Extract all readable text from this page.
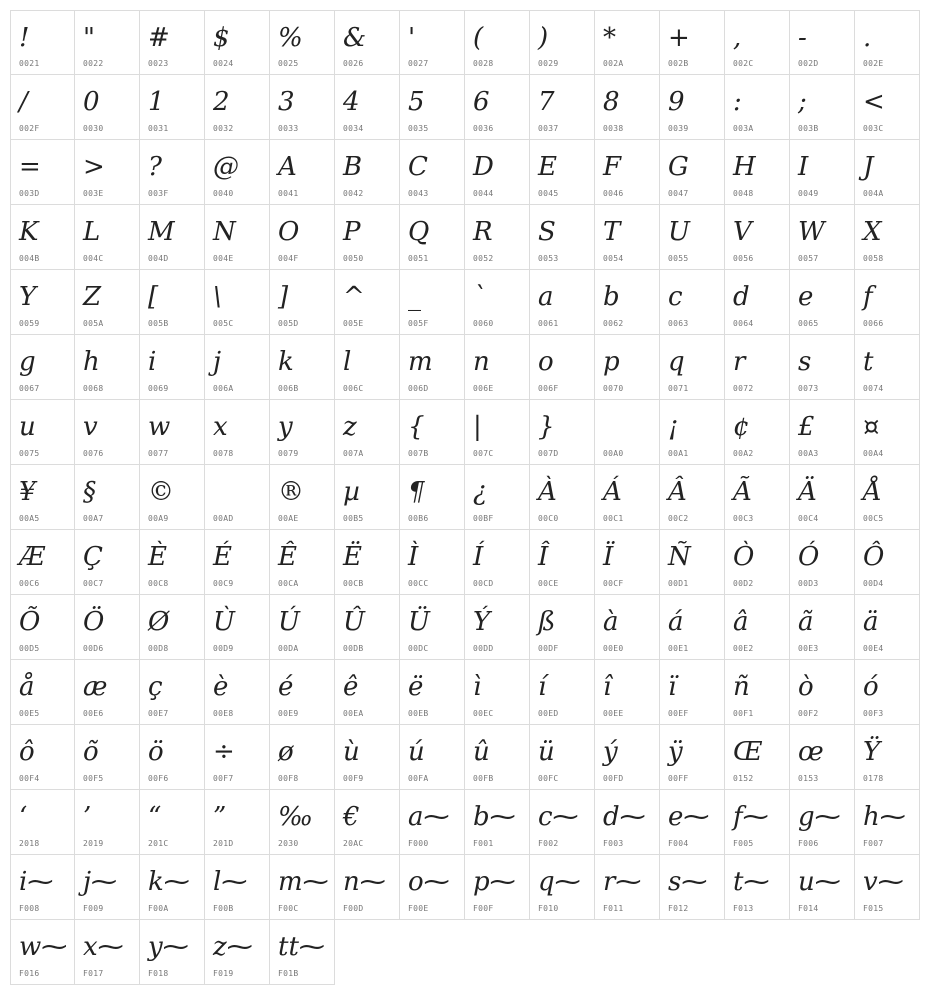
!
0021
"
0022
#
0023
$
0024
%
0025
&
0026
'
0027
(
0028
)
0029
*
002A
+
002B
,
002C
-
002D
.
002E
/
002F
0
0030
1
0031
2
0032
3
0033
4
0034
5
0035
6
0036
7
0037
8
0038
9
0039
:
003A
;
003B
<
003C
=
003D
>
003E
?
003F
@
0040
A
0041
B
0042
C
0043
D
0044
E
0045
F
0046
G
0047
H
0048
I
0049
J
004A
K
004B
L
004C
M
004D
N
004E
O
004F
P
0050
Q
0051
R
0052
S
0053
T
0054
U
0055
V
0056
W
0057
X
0058
Y
0059
Z
005A
[
005B
\
005C
]
005D
^
005E
_
005F
`
0060
a
0061
b
0062
c
0063
d
0064
e
0065
f
0066
g
0067
h
0068
i
0069
j
006A
k
006B
l
006C
m
006D
n
006E
o
006F
p
0070
q
0071
r
0072
s
0073
t
0074
u
0075
v
0076
w
0077
x
0078
y
0079
z
007A
{
007B
|
007C
}
007D	00A0
¡
00A1
¢
00A2
£
00A3
¤
00A4
¥
00A5
§
00A7
©
00A9	00AD
®
00AE
µ
00B5
¶
00B6
¿
00BF
À
00C0
Á
00C1
Â
00C2
Ã
00C3
Ä
00C4
Å
00C5
Æ
00C6
Ç
00C7
È
00C8
É
00C9
Ê
00CA
Ë
00CB
Ì
00CC
Í
00CD
Î
00CE
Ï
00CF
Ñ
00D1
Ò
00D2
Ó
00D3
Ô
00D4
Õ
00D5
Ö
00D6
Ø
00D8
Ù
00D9
Ú
00DA
Û
00DB
Ü
00DC
Ý
00DD
ß
00DF
à
00E0
á
00E1
â
00E2
ã
00E3
ä
00E4
å
00E5
æ
00E6
ç
00E7
è
00E8
é
00E9
ê
00EA
ë
00EB
ì
00EC
í
00ED
î
00EE
ï
00EF
ñ
00F1
ò
00F2
ó
00F3
ô
00F4
õ
00F5
ö
00F6
÷
00F7
ø
00F8
ù
00F9
ú
00FA
û
00FB
ü
00FC
ý
00FD
ÿ
00FF
Œ
0152
œ
0153
Ÿ
0178
‘
2018
’
2019
“
201C
”
201D
‰
2030
€
20AC
a⁓
F000
b⁓
F001
c⁓
F002
d⁓
F003
e⁓
F004
f⁓
F005
g⁓
F006
h⁓
F007
i⁓
F008
j⁓
F009
k⁓
F00A
l⁓
F00B
m⁓
F00C
n⁓
F00D
o⁓
F00E
p⁓
F00F
q⁓
F010
r⁓
F011
s⁓
F012
t⁓
F013
u⁓
F014
v⁓
F015
w⁓
F016
x⁓
F017
y⁓
F018
z⁓
F019
tt⁓
F01B
